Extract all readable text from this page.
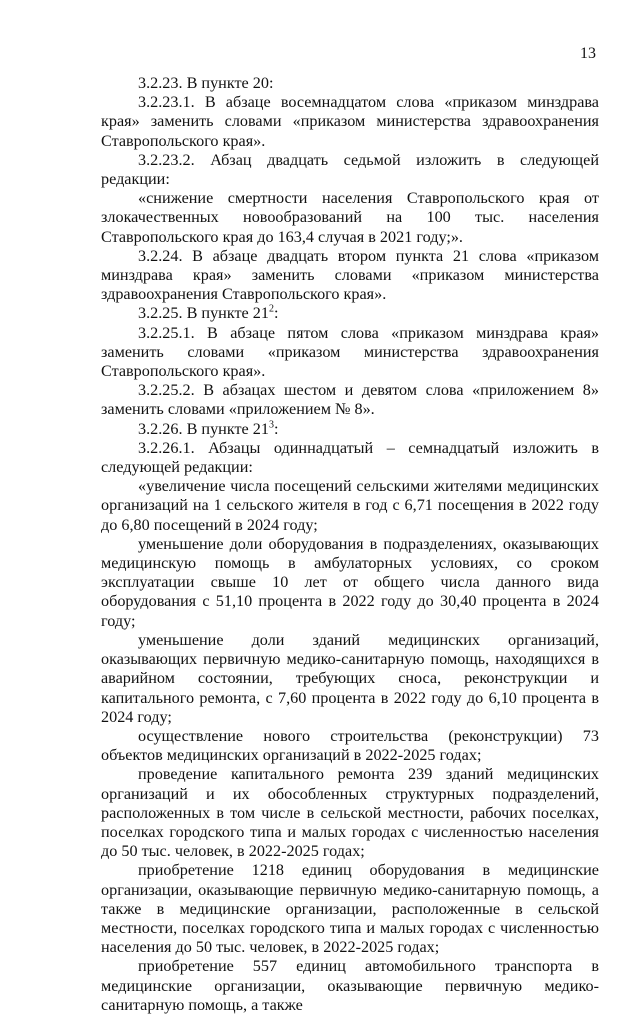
13

3.2.23. В пункте 20:

3.2.23.1. В абзаце восемнадцатом слова «приказом минздрава края» заменить словами «приказом министерства здравоохранения Ставропольского края».

3.2.23.2. Абзац двадцать седьмой изложить в следующей редакции:

«снижение смертности населения Ставропольского края от злокачественных новообразований на 100 тыс. населения Ставропольского края до 163,4 случая в 2021 году;».

3.2.24. В абзаце двадцать втором пункта 21 слова «приказом минздрава края» заменить словами «приказом министерства здравоохранения Ставропольского края».

3.2.25. В пункте $21^2$:

3.2.25.1. В абзаце пятом слова «приказом минздрава края» заменить словами «приказом министерства здравоохранения Ставропольского края».

3.2.25.2. В абзацах шестом и девятом слова «приложением 8» заменить словами «приложением № 8».

3.2.26. В пункте $21^3$:

3.2.26.1. Абзацы одиннадцатый – семнадцатый изложить в следующей редакции:

«увеличение числа посещений сельскими жителями медицинских организаций на 1 сельского жителя в год с 6,71 посещения в 2022 году до 6,80 посещений в 2024 году;

уменьшение доли оборудования в подразделениях, оказывающих медицинскую помощь в амбулаторных условиях, со сроком эксплуатации свыше 10 лет от общего числа данного вида оборудования с 51,10 процента в 2022 году до 30,40 процента в 2024 году;

уменьшение доли зданий медицинских организаций, оказывающих первичную медико-санитарную помощь, находящихся в аварийном состоянии, требующих сноса, реконструкции и капитального ремонта, с 7,60 процента в 2022 году до 6,10 процента в 2024 году;

осуществление нового строительства (реконструкции) 73 объектов медицинских организаций в 2022-2025 годах;

проведение капитального ремонта 239 зданий медицинских организаций и их обособленных структурных подразделений, расположенных в том числе в сельской местности, рабочих поселках, поселках городского типа и малых городах с численностью населения до 50 тыс. человек, в 2022-2025 годах;

приобретение 1218 единиц оборудования в медицинские организации, оказывающие первичную медико-санитарную помощь, а также в медицинские организации, расположенные в сельской местности, поселках городского типа и малых городах с численностью населения до 50 тыс. человек, в 2022-2025 годах;

приобретение 557 единиц автомобильного транспорта в медицинские организации, оказывающие первичную медико-санитарную помощь, а также
